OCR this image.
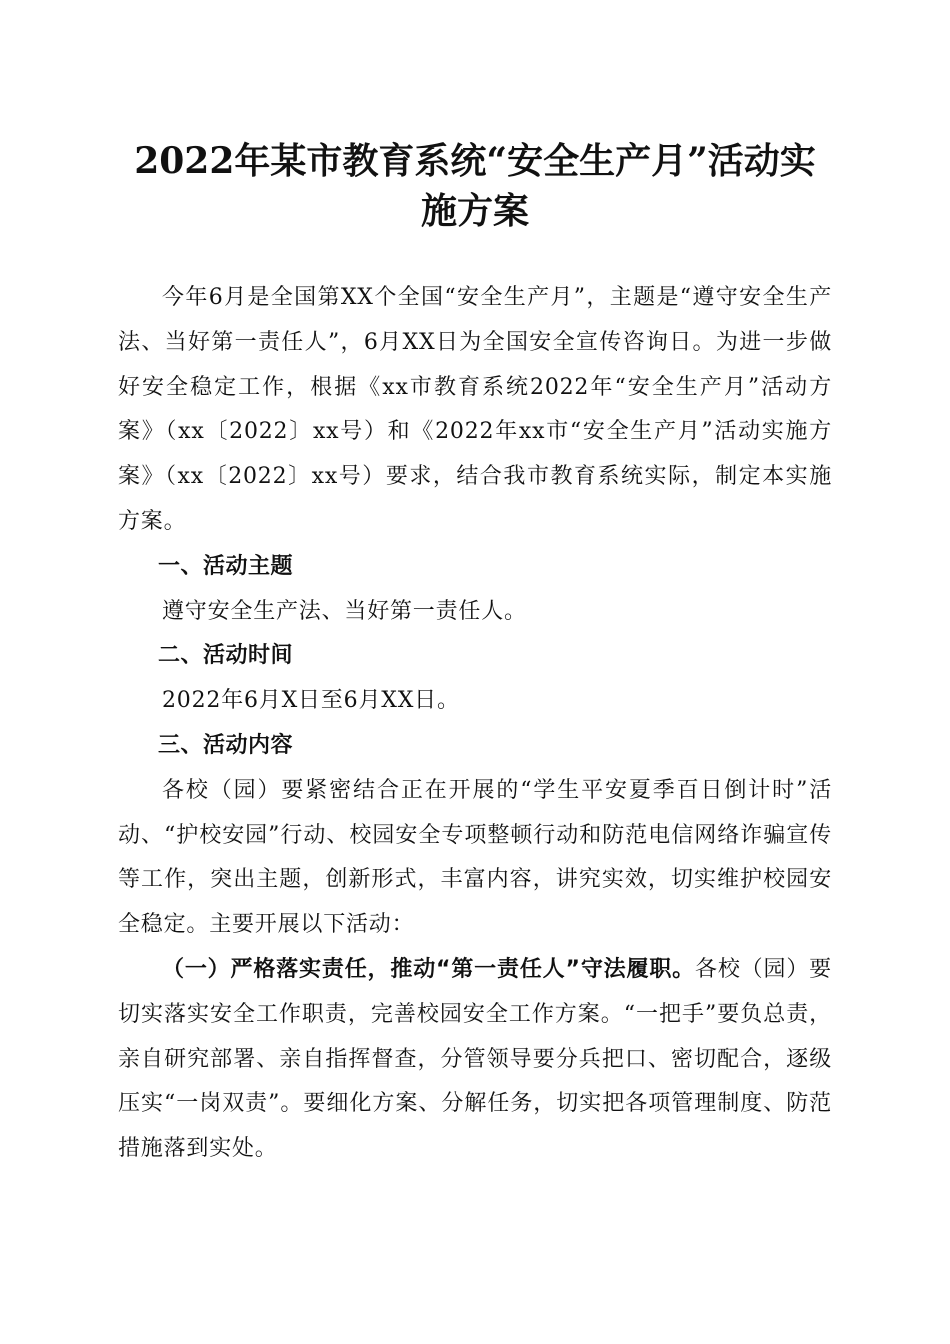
2022年某市教育系统“安全生产月”活动实施方案

今年6月是全国第XX个全国“安全生产月”，主题是“遵守安全生产法、当好第一责任人”，6月XX日为全国安全宣传咨询日。为进一步做好安全稳定工作，根据《xx市教育系统2022年“安全生产月”活动方案》（xx〔2022〕xx号）和《2022年xx市“安全生产月”活动实施方案》（xx〔2022〕xx号）要求，结合我市教育系统实际，制定本实施方案。

一、活动主题

遵守安全生产法、当好第一责任人。

二、活动时间

2022年6月X日至6月XX日。

三、活动内容

各校（园）要紧密结合正在开展的“学生平安夏季百日倒计时”活动、“护校安园”行动、校园安全专项整顿行动和防范电信网络诈骗宣传等工作，突出主题，创新形式，丰富内容，讲究实效，切实维护校园安全稳定。主要开展以下活动：

（一）严格落实责任，推动“第一责任人”守法履职。各校（园）要切实落实安全工作职责，完善校园安全工作方案。“一把手”要负总责，亲自研究部署、亲自指挥督查，分管领导要分兵把口、密切配合，逐级压实“一岗双责”。要细化方案、分解任务，切实把各项管理制度、防范措施落到实处。
